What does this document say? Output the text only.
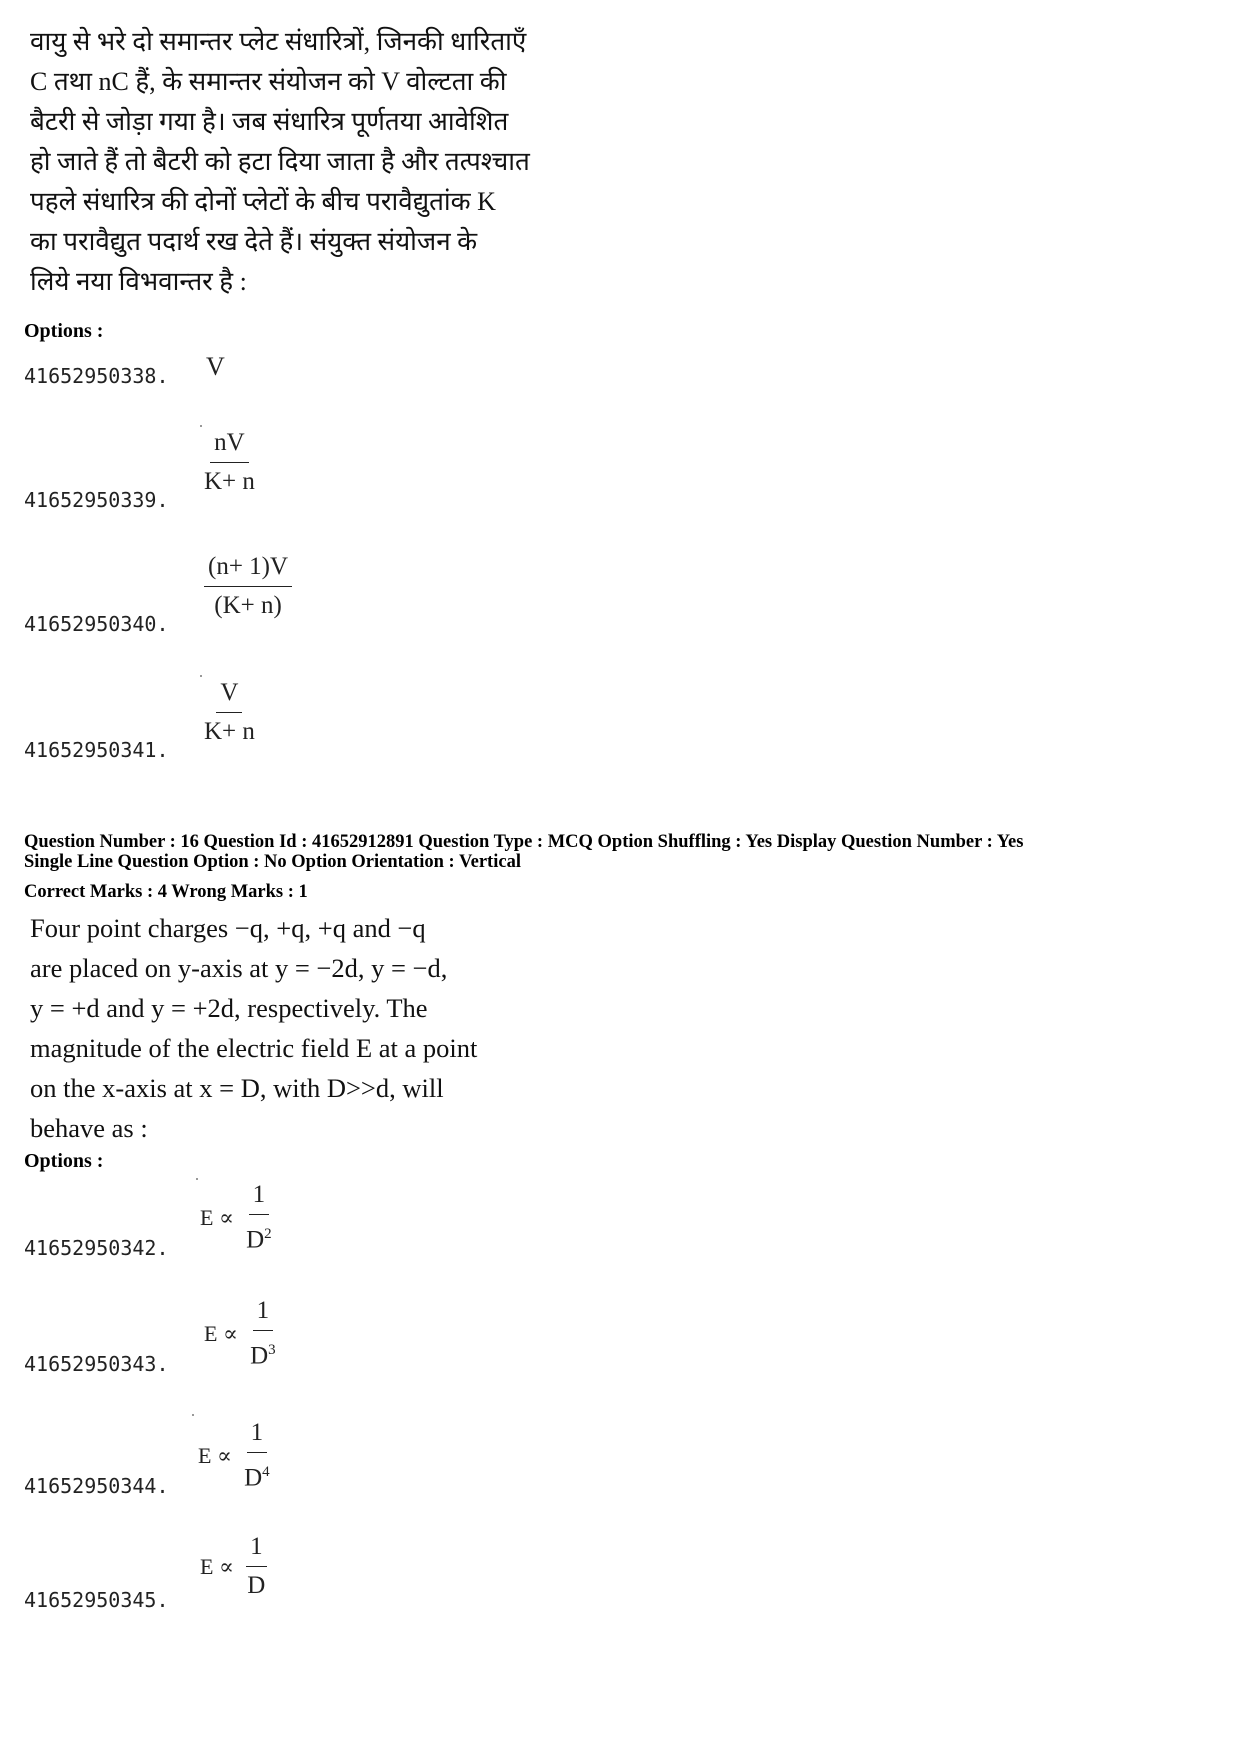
वायु से भरे दो समान्तर प्लेट संधारित्रों, जिनकी धारिताएँ
C तथा nC हैं, के समान्तर संयोजन को V वोल्टता की
बैटरी से जोड़ा गया है। जब संधारित्र पूर्णतया आवेशित
हो जाते हैं तो बैटरी को हटा दिया जाता है और तत्पश्चात
पहले संधारित्र की दोनों प्लेटों के बीच परावैद्युतांक K
का परावैद्युत पदार्थ रख देते हैं। संयुक्त संयोजन के
लिये नया विभवान्तर है :
Options :
41652950338. V
41652950339.
$\frac{nV}{K+ n}$
41652950340.
$\frac{(n+ 1)V}{(K+ n)}$
41652950341.
$\frac{V}{K+ n}$
Question Number : 16 Question Id : 41652912891 Question Type : MCQ Option Shuffling : Yes Display Question Number : Yes
Single Line Question Option : No Option Orientation : Vertical
Correct Marks : 4 Wrong Marks : 1
Four point charges −q, +q, +q and −q
are placed on y-axis at y = −2d, y = −d,
y = +d and y = +2d, respectively. The
magnitude of the electric field E at a point
on the x-axis at x = D, with D>>d, will
behave as :
Options :
41652950342.
$E \propto \frac{1}{D^2}$
41652950343.
$E \propto \frac{1}{D^3}$
41652950344.
$E \propto \frac{1}{D^4}$
41652950345.
$E \propto \frac{1}{D}$
